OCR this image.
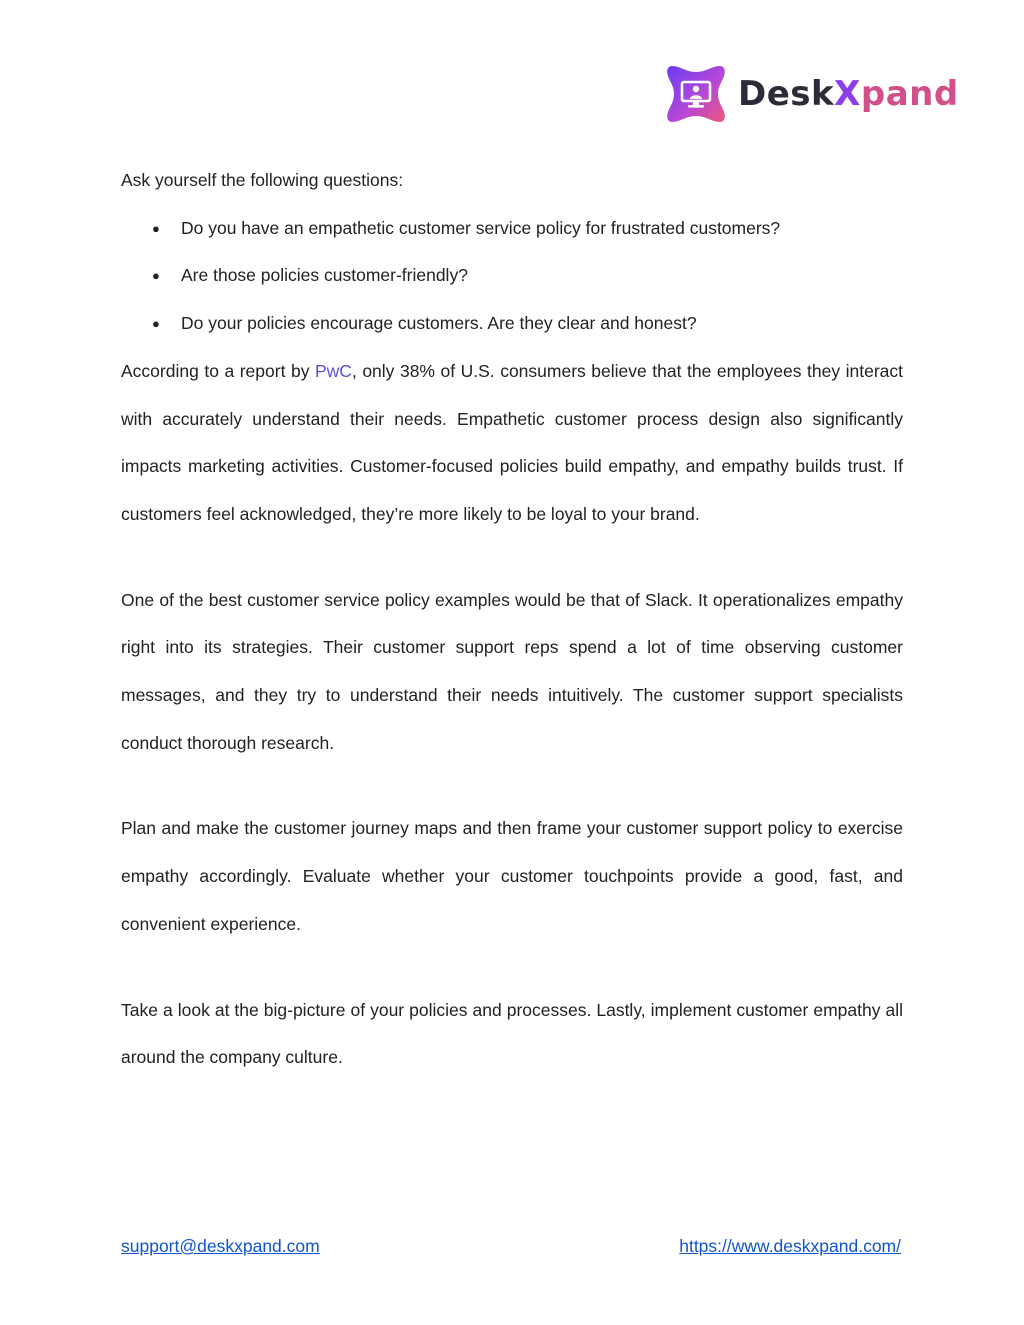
DeskXpand

Ask yourself the following questions:

● Do you have an empathetic customer service policy for frustrated customers?
● Are those policies customer-friendly?
● Do your policies encourage customers. Are they clear and honest?

According to a report by PwC, only 38% of U.S. consumers believe that the employees they interact with accurately understand their needs. Empathetic customer process design also significantly impacts marketing activities. Customer-focused policies build empathy, and empathy builds trust. If customers feel acknowledged, they’re more likely to be loyal to your brand.

One of the best customer service policy examples would be that of Slack. It operationalizes empathy right into its strategies. Their customer support reps spend a lot of time observing customer messages, and they try to understand their needs intuitively. The customer support specialists conduct thorough research.

Plan and make the customer journey maps and then frame your customer support policy to exercise empathy accordingly. Evaluate whether your customer touchpoints provide a good, fast, and convenient experience.

Take a look at the big-picture of your policies and processes. Lastly, implement customer empathy all around the company culture.

support@deskxpand.com	https://www.deskxpand.com/
